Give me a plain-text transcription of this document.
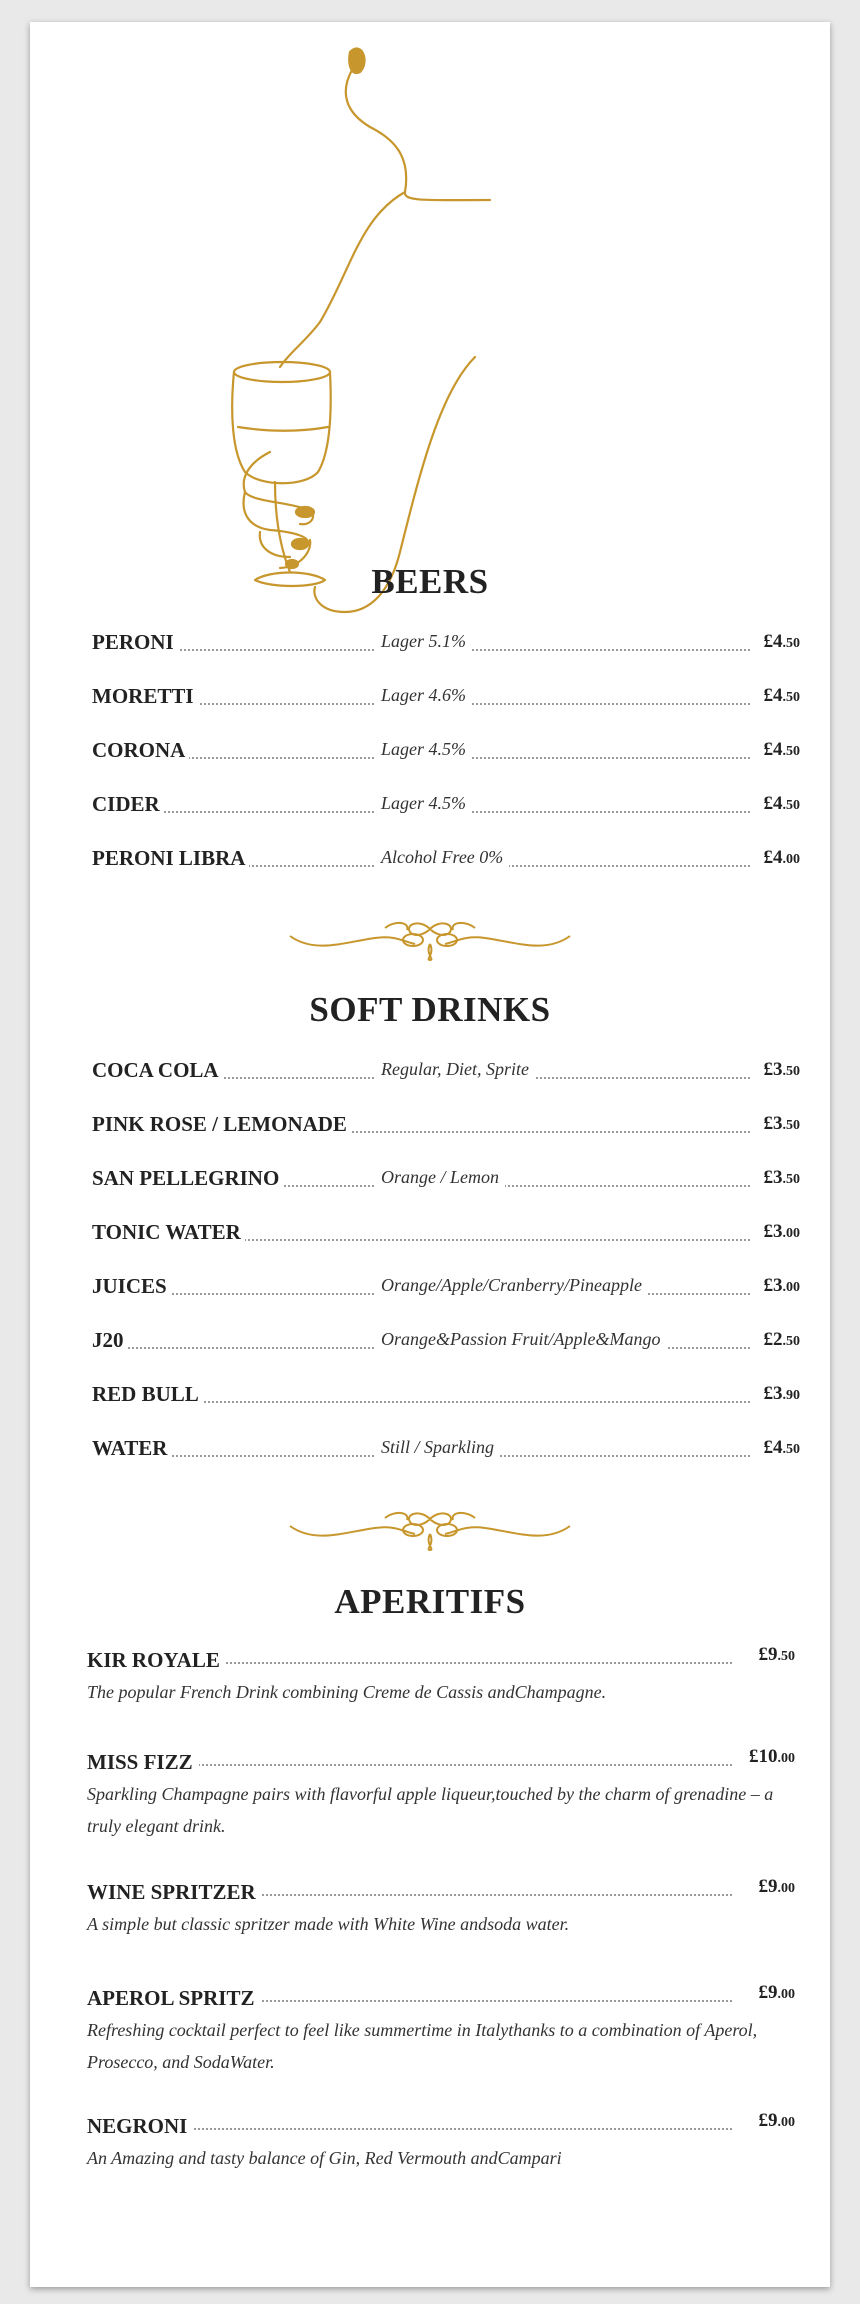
BEERS
PERONI	Lager 5.1%	£4.50
MORETTI	Lager 4.6%	£4.50
CORONA	Lager 4.5%	£4.50
CIDER	Lager 4.5%	£4.50
PERONI LIBRA	Alcohol Free 0%	£4.00
SOFT DRINKS
COCA COLA	Regular, Diet, Sprite	£3.50
PINK ROSE / LEMONADE	£3.50
SAN PELLEGRINO	Orange / Lemon	£3.50
TONIC WATER	£3.00
JUICES	Orange/Apple/Cranberry/Pineapple	£3.00
J20	Orange&Passion Fruit/Apple&Mango	£2.50
RED BULL	£3.90
WATER	Still / Sparkling	£4.50
APERITIFS
KIR ROYALE	£9.50
The popular French Drink combining Creme de Cassis andChampagne.
MISS FIZZ	£10.00
Sparkling Champagne pairs with flavorful apple liqueur,touched by the charm of grenadine – a truly elegant drink.
WINE SPRITZER	£9.00
A simple but classic spritzer made with White Wine andsoda water.
APEROL SPRITZ	£9.00
Refreshing cocktail perfect to feel like summertime in Italythanks to a combination of Aperol, Prosecco, and SodaWater.
NEGRONI	£9.00
An Amazing and tasty balance of Gin, Red Vermouth andCampari
